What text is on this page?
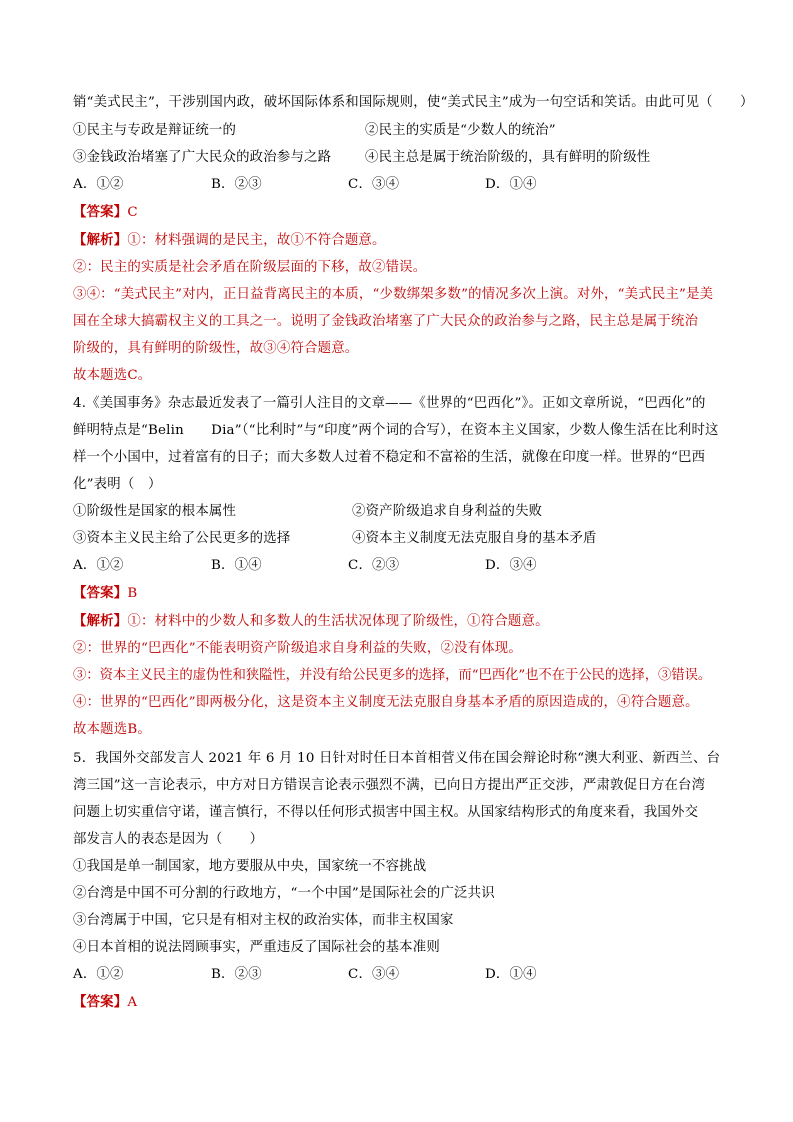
销“美式民主”，干涉别国内政，破坏国际体系和国际规则，使“美式民主”成为一句空话和笑话。由此可见（　　）
①民主与专政是辩证统一的	②民主的实质是“少数人的统治”
③金钱政治堵塞了广大民众的政治参与之路	④民主总是属于统治阶级的，具有鲜明的阶级性
A．①②	B．②③	C．③④	D．①④
【答案】C
【解析】①：材料强调的是民主，故①不符合题意。
②：民主的实质是社会矛盾在阶级层面的下移，故②错误。
③④：“美式民主”对内，正日益背离民主的本质，“少数绑架多数”的情况多次上演。对外，“美式民主”是美
国在全球大搞霸权主义的工具之一。说明了金钱政治堵塞了广大民众的政治参与之路，民主总是属于统治
阶级的，具有鲜明的阶级性，故③④符合题意。
故本题选C。
4.《美国事务》杂志最近发表了一篇引人注目的文章——《世界的“巴西化”》。正如文章所说，“巴西化”的
鲜明特点是“Belin　　Dia”（“比利时”与“印度”两个词的合写），在资本主义国家，少数人像生活在比利时这
样一个小国中，过着富有的日子；而大多数人过着不稳定和不富裕的生活，就像在印度一样。世界的“巴西
化”表明（　）
①阶级性是国家的根本属性	②资产阶级追求自身利益的失败
③资本主义民主给了公民更多的选择	④资本主义制度无法克服自身的基本矛盾
A．①②	B．①④	C．②③	D．③④
【答案】B
【解析】①：材料中的少数人和多数人的生活状况体现了阶级性，①符合题意。
②：世界的“巴西化”不能表明资产阶级追求自身利益的失败，②没有体现。
③：资本主义民主的虚伪性和狭隘性，并没有给公民更多的选择，而“巴西化”也不在于公民的选择，③错误。
④：世界的“巴西化”即两极分化，这是资本主义制度无法克服自身基本矛盾的原因造成的，④符合题意。
故本题选B。
5．我国外交部发言人 2021 年 6 月 10 日针对时任日本首相菅义伟在国会辩论时称“澳大利亚、新西兰、台
湾三国”这一言论表示，中方对日方错误言论表示强烈不满，已向日方提出严正交涉，严肃敦促日方在台湾
问题上切实重信守诺，谨言慎行，不得以任何形式损害中国主权。从国家结构形式的角度来看，我国外交
部发言人的表态是因为（　　）
①我国是单一制国家，地方要服从中央，国家统一不容挑战
②台湾是中国不可分割的行政地方，“一个中国”是国际社会的广泛共识
③台湾属于中国，它只是有相对主权的政治实体，而非主权国家
④日本首相的说法罔顾事实，严重违反了国际社会的基本准则
A．①②	B．②③	C．③④	D．①④
【答案】A
